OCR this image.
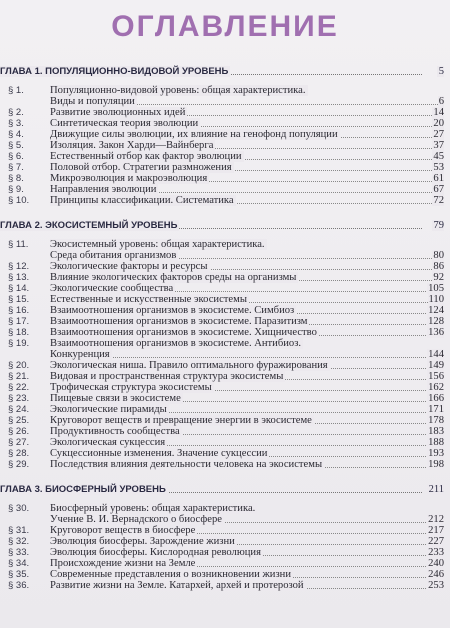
ОГЛАВЛЕНИЕ
ГЛАВА 1. ПОПУЛЯЦИОННО-ВИДОВОЙ УРОВЕНЬ	5
§ 1.	Популяционно-видовой уровень: общая характеристика.
Виды и популяции	6
§ 2.	Развитие эволюционных идей	14
§ 3.	Синтетическая теория эволюции	20
§ 4.	Движущие силы эволюции, их влияние на генофонд популяции	27
§ 5.	Изоляция. Закон Харди—Вайнберга	37
§ 6.	Естественный отбор как фактор эволюции	45
§ 7.	Половой отбор. Стратегии размножения	53
§ 8.	Микроэволюция и макроэволюция	61
§ 9.	Направления эволюции	67
§ 10.	Принципы классификации. Систематика	72
ГЛАВА 2. ЭКОСИСТЕМНЫЙ УРОВЕНЬ	79
§ 11.	Экосистемный уровень: общая характеристика.
Среда обитания организмов	80
§ 12.	Экологические факторы и ресурсы	86
§ 13.	Влияние экологических факторов среды на организмы	92
§ 14.	Экологические сообщества	105
§ 15.	Естественные и искусственные экосистемы	110
§ 16.	Взаимоотношения организмов в экосистеме. Симбиоз	124
§ 17.	Взаимоотношения организмов в экосистеме. Паразитизм	128
§ 18.	Взаимоотношения организмов в экосистеме. Хищничество	136
§ 19.	Взаимоотношения организмов в экосистеме. Антибиоз.
Конкуренция	144
§ 20.	Экологическая ниша. Правило оптимального фуражирования	149
§ 21.	Видовая и пространственная структура экосистемы	156
§ 22.	Трофическая структура экосистемы	162
§ 23.	Пищевые связи в экосистеме	166
§ 24.	Экологические пирамиды	171
§ 25.	Круговорот веществ и превращение энергии в экосистеме	178
§ 26.	Продуктивность сообщества	183
§ 27.	Экологическая сукцессия	188
§ 28.	Сукцессионные изменения. Значение сукцессии	193
§ 29.	Последствия влияния деятельности человека на экосистемы	198
ГЛАВА 3. БИОСФЕРНЫЙ УРОВЕНЬ	211
§ 30.	Биосферный уровень: общая характеристика.
Учение В. И. Вернадского о биосфере	212
§ 31.	Круговорот веществ в биосфере	217
§ 32.	Эволюция биосферы. Зарождение жизни	227
§ 33.	Эволюция биосферы. Кислородная революция	233
§ 34.	Происхождение жизни на Земле	240
§ 35.	Современные представления о возникновении жизни	246
§ 36.	Развитие жизни на Земле. Катархей, архей и протерозой	253
